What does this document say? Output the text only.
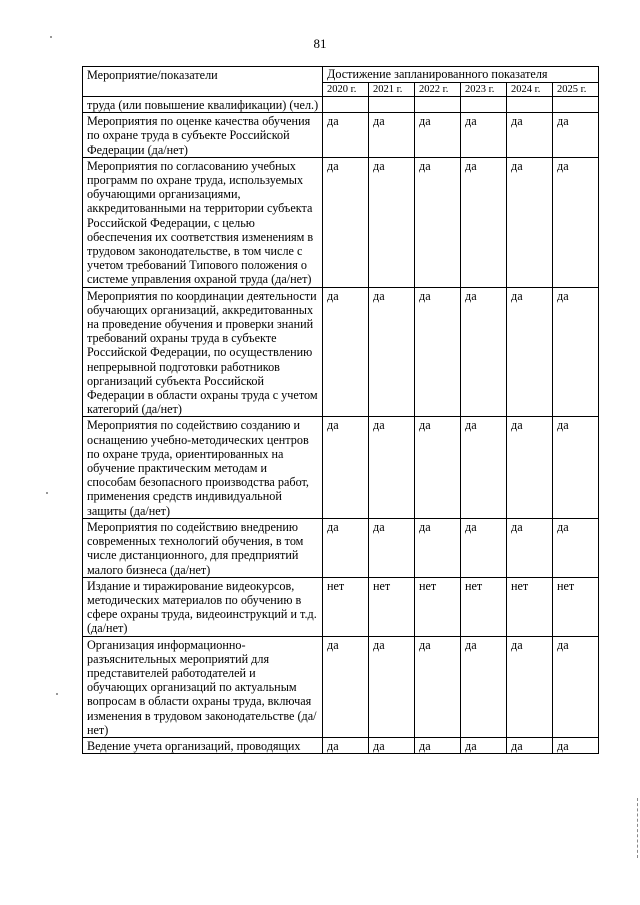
81
Мероприятие/показатели	Достижение запланированного показателя					
	2020 г.	2021 г.	2022 г.	2023 г.	2024 г.	2025 г.
труда (или повышение квалификации) (чел.)						
Мероприятия по оценке качества обучения по охране труда в субъекте Российской Федерации (да/нет)	да	да	да	да	да	да
Мероприятия по согласованию учебных программ по охране труда, используемых обучающими организациями, аккредитованными на территории субъекта Российской Федерации, с целью обеспечения их соответствия изменениям в трудовом законодательстве, в том числе с учетом требований Типового положения о системе управления охраной труда (да/нет)	да	да	да	да	да	да
Мероприятия по координации деятельности обучающих организаций, аккредитованных на проведение обучения и проверки знаний требований охраны труда в субъекте Российской Федерации, по осуществлению непрерывной подготовки работников организаций субъекта Российской Федерации в области охраны труда с учетом категорий (да/нет)	да	да	да	да	да	да
Мероприятия по содействию созданию и оснащению учебно-методических центров по охране труда, ориентированных на обучение практическим методам и способам безопасного производства работ, применения средств индивидуальной защиты (да/нет)	да	да	да	да	да	да
Мероприятия по содействию внедрению современных технологий обучения, в том числе дистанционного, для предприятий малого бизнеса (да/нет)	да	да	да	да	да	да
Издание и тиражирование видеокурсов, методических материалов по обучению в сфере охраны труда, видеоинструкций и т.д. (да/нет)	нет	нет	нет	нет	нет	нет
Организация информационно-разъяснительных мероприятий для представителей работодателей и обучающих организаций по актуальным вопросам в области охраны труда, включая изменения в трудовом законодательстве (да/нет)	да	да	да	да	да	да
Ведение учета организаций, проводящих	да	да	да	да	да	да
